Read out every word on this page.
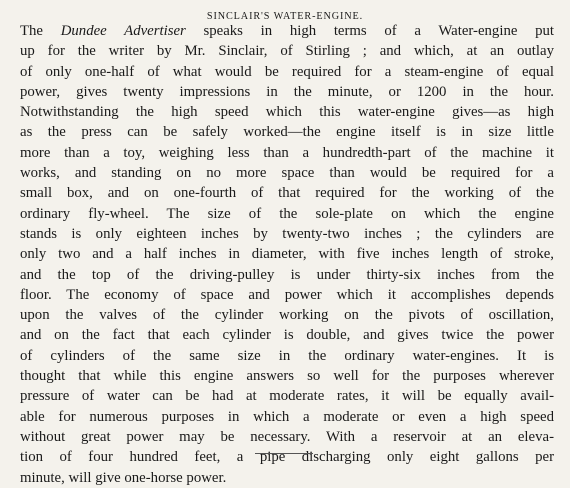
SINCLAIR'S WATER-ENGINE.
The Dundee Advertiser speaks in high terms of a Water-engine put
up for the writer by Mr. Sinclair, of Stirling ; and which, at an outlay
of only one-half of what would be required for a steam-engine of equal
power, gives twenty impressions in the minute, or 1200 in the hour.
Notwithstanding the high speed which this water-engine gives—as high
as the press can be safely worked—the engine itself is in size little
more than a toy, weighing less than a hundredth-part of the machine it
works, and standing on no more space than would be required for a
small box, and on one-fourth of that required for the working of the
ordinary fly-wheel. The size of the sole-plate on which the engine
stands is only eighteen inches by twenty-two inches ; the cylinders are
only two and a half inches in diameter, with five inches length of stroke,
and the top of the driving-pulley is under thirty-six inches from the
floor. The economy of space and power which it accomplishes depends
upon the valves of the cylinder working on the pivots of oscillation,
and on the fact that each cylinder is double, and gives twice the power
of cylinders of the same size in the ordinary water-engines. It is
thought that while this engine answers so well for the purposes wherever
pressure of water can be had at moderate rates, it will be equally avail-
able for numerous purposes in which a moderate or even a high speed
without great power may be necessary. With a reservoir at an eleva-
tion of four hundred feet, a pipe discharging only eight gallons per
minute, will give one-horse power.
